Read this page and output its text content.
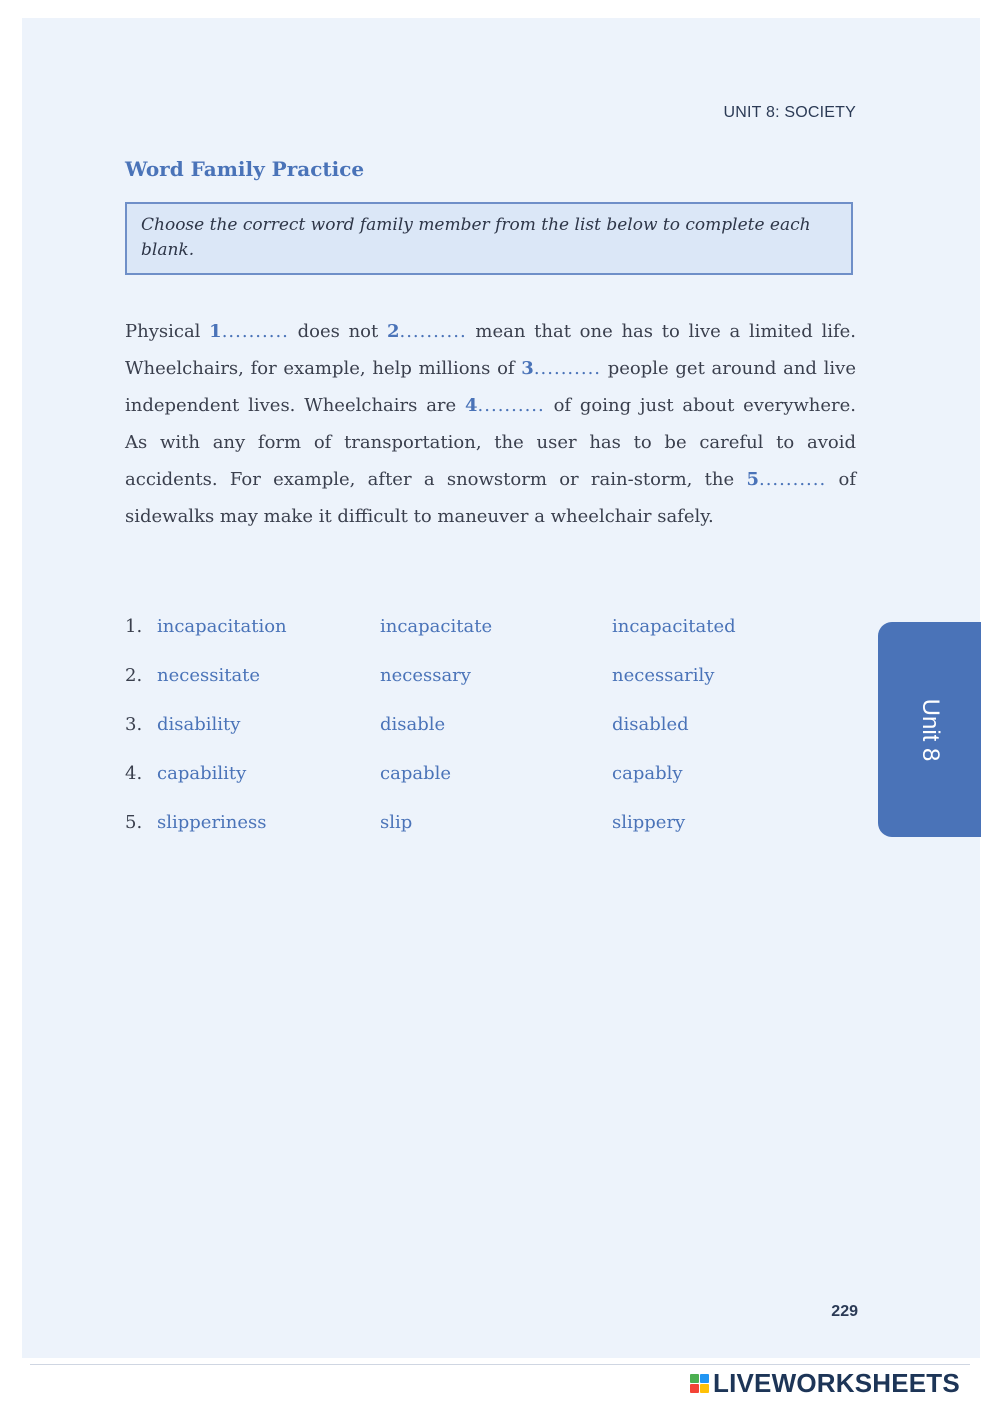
UNIT 8: SOCIETY
Word Family Practice
Choose the correct word family member from the list below to complete each blank.
Physical 1.......... does not 2.......... mean that one has to live a limited life. Wheelchairs, for example, help millions of 3.......... people get around and live independent lives. Wheelchairs are 4.......... of going just about everywhere. As with any form of transportation, the user has to be careful to avoid accidents. For example, after a snowstorm or rain-storm, the 5.......... of sidewalks may make it difficult to maneuver a wheelchair safely.
1. incapacitation	incapacitate	incapacitated
2. necessitate	necessary	necessarily
3. disability	disable	disabled
4. capability	capable	capably
5. slipperiness	slip	slippery
Unit 8
229
LIVEWORKSHEETS
